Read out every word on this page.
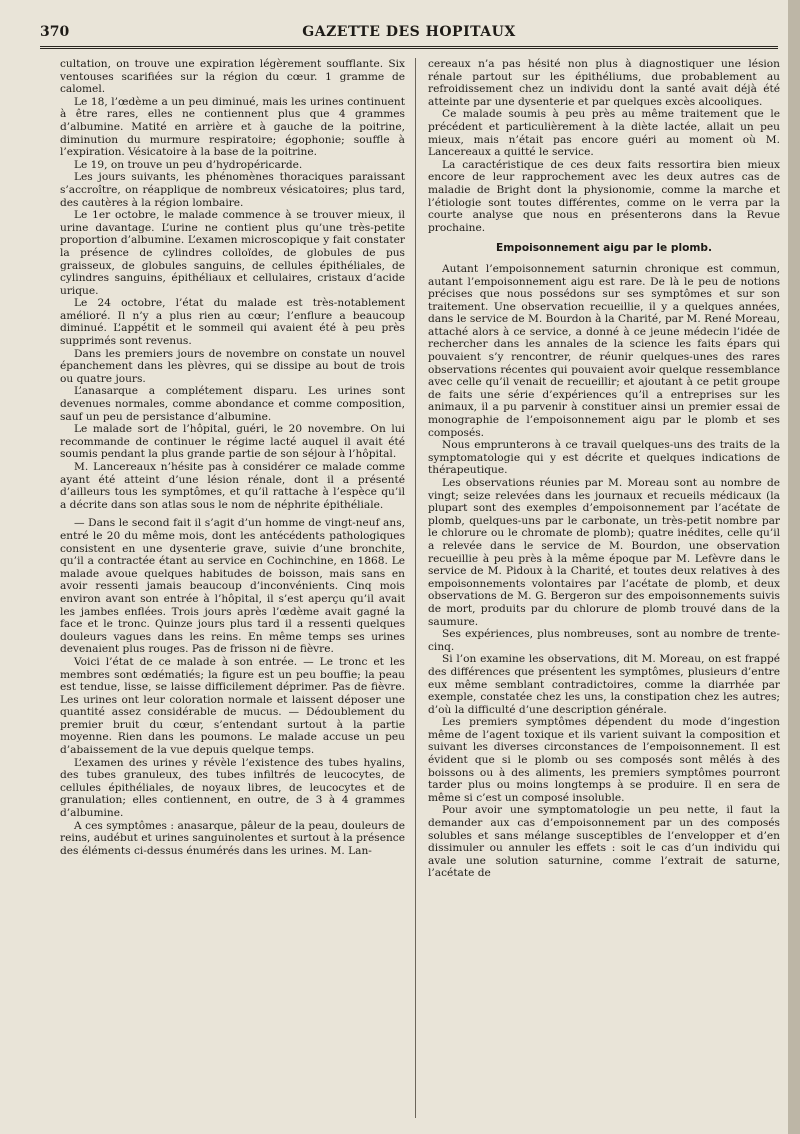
370	GAZETTE DES HOPITAUX

cultation, on trouve une expiration légèrement soufflante. Six ventouses scarifiées sur la région du cœur. 1 gramme de calomel.

Le 18, l’œdème a un peu diminué, mais les urines continuent à être rares, elles ne contiennent plus que 4 grammes d’albumine. Matité en arrière et à gauche de la poitrine, diminution du murmure respiratoire; égophonie; souffle à l’expiration. Vésicatoire à la base de la poitrine.

Le 19, on trouve un peu d’hydropéricarde.

Les jours suivants, les phénomènes thoraciques paraissant s’accroître, on réapplique de nombreux vésicatoires; plus tard, des cautères à la région lombaire.

Le 1er octobre, le malade commence à se trouver mieux, il urine davantage. L’urine ne contient plus qu’une très-petite proportion d’albumine. L’examen microscopique y fait constater la présence de cylindres colloïdes, de globules de pus graisseux, de globules sanguins, de cellules épithéliales, de cylindres sanguins, épithéliaux et cellulaires, cristaux d’acide urique.

Le 24 octobre, l’état du malade est très-notablement amélioré. Il n’y a plus rien au cœur; l’enflure a beaucoup diminué. L’appétit et le sommeil qui avaient été à peu près supprimés sont revenus.

Dans les premiers jours de novembre on constate un nouvel épanchement dans les plèvres, qui se dissipe au bout de trois ou quatre jours.

L’anasarque a complétement disparu. Les urines sont devenues normales, comme abondance et comme composition, sauf un peu de persistance d’albumine.

Le malade sort de l’hôpital, guéri, le 20 novembre. On lui recommande de continuer le régime lacté auquel il avait été soumis pendant la plus grande partie de son séjour à l’hôpital.

M. Lancereaux n’hésite pas à considérer ce malade comme ayant été atteint d’une lésion rénale, dont il a présenté d’ailleurs tous les symptômes, et qu’il rattache à l’espèce qu’il a décrite dans son atlas sous le nom de néphrite épithéliale.

— Dans le second fait il s’agit d’un homme de vingt-neuf ans, entré le 20 du même mois, dont les antécédents pathologiques consistent en une dysenterie grave, suivie d’une bronchite, qu’il a contractée étant au service en Cochinchine, en 1868. Le malade avoue quelques habitudes de boisson, mais sans en avoir ressenti jamais beaucoup d’inconvénients. Cinq mois environ avant son entrée à l’hôpital, il s’est aperçu qu’il avait les jambes enflées. Trois jours après l’œdème avait gagné la face et le tronc. Quinze jours plus tard il a ressenti quelques douleurs vagues dans les reins. En même temps ses urines devenaient plus rouges. Pas de frisson ni de fièvre.

Voici l’état de ce malade à son entrée. — Le tronc et les membres sont œdématiés; la figure est un peu bouffie; la peau est tendue, lisse, se laisse difficilement déprimer. Pas de fièvre. Les urines ont leur coloration normale et laissent déposer une quantité assez considérable de mucus. — Dédoublement du premier bruit du cœur, s’entendant surtout à la partie moyenne. Rien dans les poumons. Le malade accuse un peu d’abaissement de la vue depuis quelque temps.

L’examen des urines y révèle l’existence des tubes hyalins, des tubes granuleux, des tubes infiltrés de leucocytes, de cellules épithéliales, de noyaux libres, de leucocytes et de granulation; elles contiennent, en outre, de 3 à 4 grammes d’albumine.

A ces symptômes : anasarque, pâleur de la peau, douleurs de reins, audébut et urines sanguinolentes et surtout à la présence des éléments ci-dessus énumérés dans les urines. M. Lan-

cereaux n’a pas hésité non plus à diagnostiquer une lésion rénale partout sur les épithéliums, due probablement au refroidissement chez un individu dont la santé avait déjà été atteinte par une dysenterie et par quelques excès alcooliques.

Ce malade soumis à peu près au même traitement que le précédent et particulièrement à la diète lactée, allait un peu mieux, mais n’était pas encore guéri au moment où M. Lancereaux a quitté le service.

La caractéristique de ces deux faits ressortira bien mieux encore de leur rapprochement avec les deux autres cas de maladie de Bright dont la physionomie, comme la marche et l’étiologie sont toutes différentes, comme on le verra par la courte analyse que nous en présenterons dans la Revue prochaine.

Empoisonnement aigu par le plomb.

Autant l’empoisonnement saturnin chronique est commun, autant l’empoisonnement aigu est rare. De là le peu de notions précises que nous possédons sur ses symptômes et sur son traitement. Une observation recueillie, il y a quelques années, dans le service de M. Bourdon à la Charité, par M. René Moreau, attaché alors à ce service, a donné à ce jeune médecin l’idée de rechercher dans les annales de la science les faits épars qui pouvaient s’y rencontrer, de réunir quelques-unes des rares observations récentes qui pouvaient avoir quelque ressemblance avec celle qu’il venait de recueillir; et ajoutant à ce petit groupe de faits une série d’expériences qu’il a entreprises sur les animaux, il a pu parvenir à constituer ainsi un premier essai de monographie de l’empoisonnement aigu par le plomb et ses composés.

Nous emprunterons à ce travail quelques-uns des traits de la symptomatologie qui y est décrite et quelques indications de thérapeutique.

Les observations réunies par M. Moreau sont au nombre de vingt; seize relevées dans les journaux et recueils médicaux (la plupart sont des exemples d’empoisonnement par l’acétate de plomb, quelques-uns par le carbonate, un très-petit nombre par le chlorure ou le chromate de plomb); quatre inédites, celle qu’il a relevée dans le service de M. Bourdon, une observation recueillie à peu près à la même époque par M. Lefèvre dans le service de M. Pidoux à la Charité, et toutes deux relatives à des empoisonnements volontaires par l’acétate de plomb, et deux observations de M. G. Bergeron sur des empoisonnements suivis de mort, produits par du chlorure de plomb trouvé dans de la saumure.

Ses expériences, plus nombreuses, sont au nombre de trente-cinq.

Si l’on examine les observations, dit M. Moreau, on est frappé des différences que présentent les symptômes, plusieurs d’entre eux même semblant contradictoires, comme la diarrhée par exemple, constatée chez les uns, la constipation chez les autres; d’où la difficulté d’une description générale.

Les premiers symptômes dépendent du mode d’ingestion même de l’agent toxique et ils varient suivant la composition et suivant les diverses circonstances de l’empoisonnement. Il est évident que si le plomb ou ses composés sont mêlés à des boissons ou à des aliments, les premiers symptômes pourront tarder plus ou moins longtemps à se produire. Il en sera de même si c’est un composé insoluble.

Pour avoir une symptomatologie un peu nette, il faut la demander aux cas d’empoisonnement par un des composés solubles et sans mélange susceptibles de l’envelopper et d’en dissimuler ou annuler les effets : soit le cas d’un individu qui avale une solution saturnine, comme l’extrait de saturne, l’acétate de
